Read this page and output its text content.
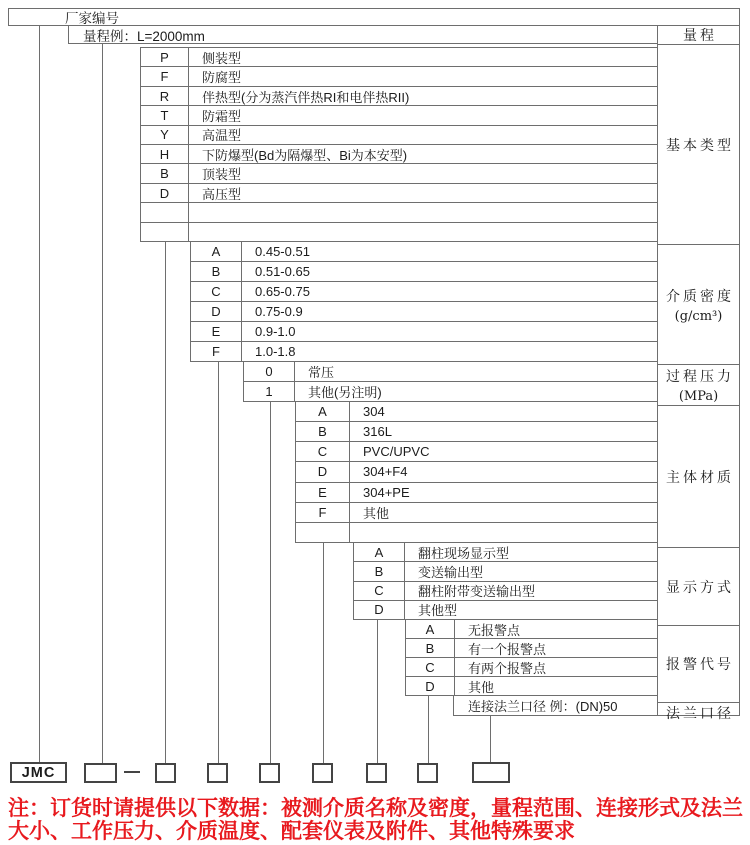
厂家编号
量程例：L=2000mm	量程
基本类型
介质密度
(g/cm³)
过程压力
(MPa)
主体材质
显示方式
报警代号
法兰口径
P	侧装型
F	防腐型
R	伴热型(分为蒸汽伴热RI和电伴热RII)
T	防霜型
Y	高温型
H	下防爆型(Bd为隔爆型、Bi为本安型)
B	顶装型
D	高压型
A	0.45-0.51
B	0.51-0.65
C	0.65-0.75
D	0.75-0.9
E	0.9-1.0
F	1.0-1.8
0	常压
1	其他(另注明)
A	304
B	316L
C	PVC/UPVC
D	304+F4
E	304+PE
F	其他
A	翻柱现场显示型
B	变送输出型
C	翻柱附带变送输出型
D	其他型
A	无报警点
B	有一个报警点
C	有两个报警点
D	其他
连接法兰口径 例：(DN)50
JMC
注：订货时请提供以下数据：被测介质名称及密度，量程范围、连接形式及法兰
大小、工作压力、介质温度、配套仪表及附件、其他特殊要求
